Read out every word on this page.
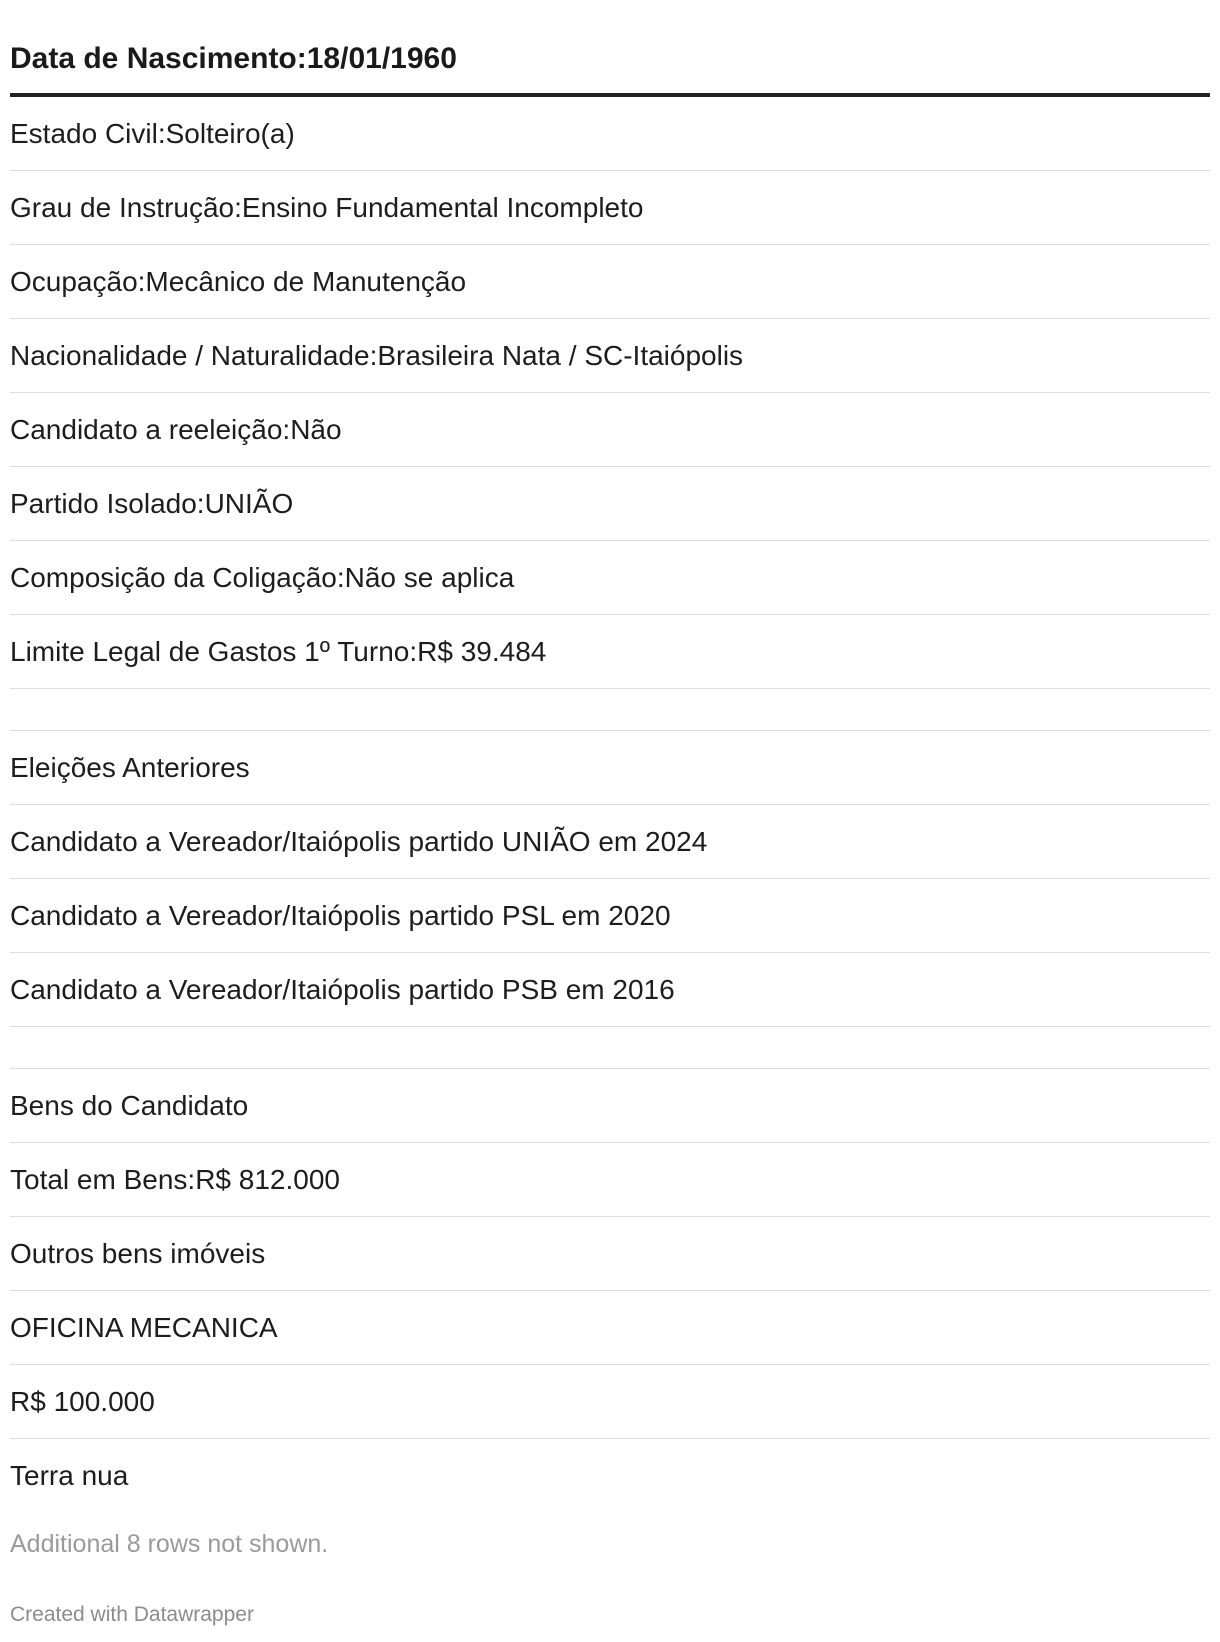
Data de Nascimento:18/01/1960
Estado Civil:Solteiro(a)
Grau de Instrução:Ensino Fundamental Incompleto
Ocupação:Mecânico de Manutenção
Nacionalidade / Naturalidade:Brasileira Nata / SC-Itaiópolis
Candidato a reeleição:Não
Partido Isolado:UNIÃO
Composição da Coligação:Não se aplica
Limite Legal de Gastos 1º Turno:R$ 39.484
Eleições Anteriores
Candidato a Vereador/Itaiópolis partido UNIÃO em 2024
Candidato a Vereador/Itaiópolis partido PSL em 2020
Candidato a Vereador/Itaiópolis partido PSB em 2016
Bens do Candidato
Total em Bens:R$ 812.000
Outros bens imóveis
OFICINA MECANICA
R$ 100.000
Terra nua
Additional 8 rows not shown.
Created with Datawrapper
